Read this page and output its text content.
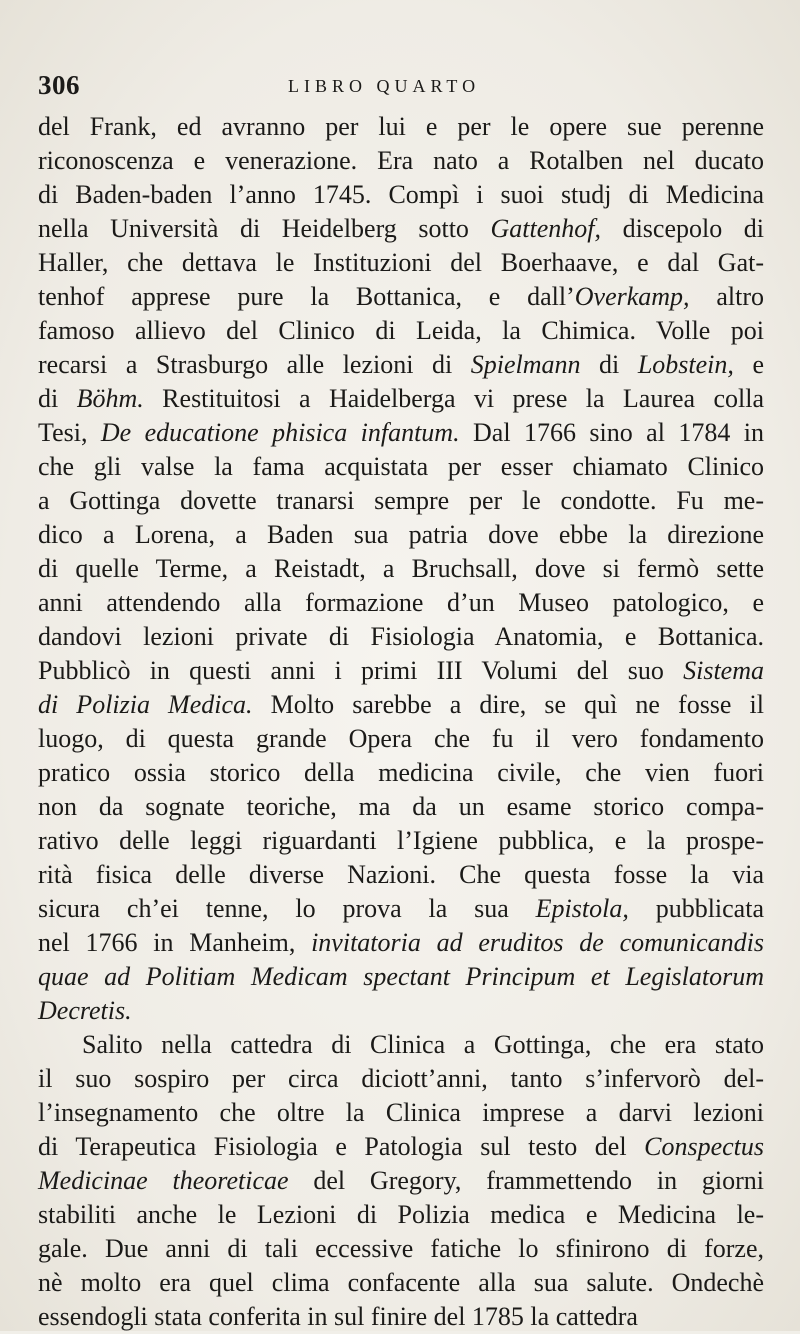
306	LIBRO QUARTO
del Frank, ed avranno per lui e per le opere sue perenne
riconoscenza e venerazione. Era nato a Rotalben nel ducato
di Baden-baden l’anno 1745. Compì i suoi studj di Medicina
nella Università di Heidelberg sotto Gattenhof, discepolo di
Haller, che dettava le Instituzioni del Boerhaave, e dal Gat-
tenhof apprese pure la Bottanica, e dall’Overkamp, altro
famoso allievo del Clinico di Leida, la Chimica. Volle poi
recarsi a Strasburgo alle lezioni di Spielmann di Lobstein, e
di Böhm. Restituitosi a Haidelberga vi prese la Laurea colla
Tesi, De educatione phisica infantum. Dal 1766 sino al 1784 in
che gli valse la fama acquistata per esser chiamato Clinico
a Gottinga dovette tranarsi sempre per le condotte. Fu me-
dico a Lorena, a Baden sua patria dove ebbe la direzione
di quelle Terme, a Reistadt, a Bruchsall, dove si fermò sette
anni attendendo alla formazione d’un Museo patologico, e
dandovi lezioni private di Fisiologia Anatomia, e Bottanica.
Pubblicò in questi anni i primi III Volumi del suo Sistema
di Polizia Medica. Molto sarebbe a dire, se quì ne fosse il
luogo, di questa grande Opera che fu il vero fondamento
pratico ossia storico della medicina civile, che vien fuori
non da sognate teoriche, ma da un esame storico compa-
rativo delle leggi riguardanti l’Igiene pubblica, e la prospe-
rità fisica delle diverse Nazioni. Che questa fosse la via
sicura ch’ei tenne, lo prova la sua Epistola, pubblicata
nel 1766 in Manheim, invitatoria ad eruditos de comunicandis
quae ad Politiam Medicam spectant Principum et Legislatorum
Decretis.
Salito nella cattedra di Clinica a Gottinga, che era stato
il suo sospiro per circa diciott’anni, tanto s’infervorò del-
l’insegnamento che oltre la Clinica imprese a darvi lezioni
di Terapeutica Fisiologia e Patologia sul testo del Conspectus
Medicinae theoreticae del Gregory, frammettendo in giorni
stabiliti anche le Lezioni di Polizia medica e Medicina le-
gale. Due anni di tali eccessive fatiche lo sfinirono di forze,
nè molto era quel clima confacente alla sua salute. Ondechè
essendogli stata conferita in sul finire del 1785 la cattedra
